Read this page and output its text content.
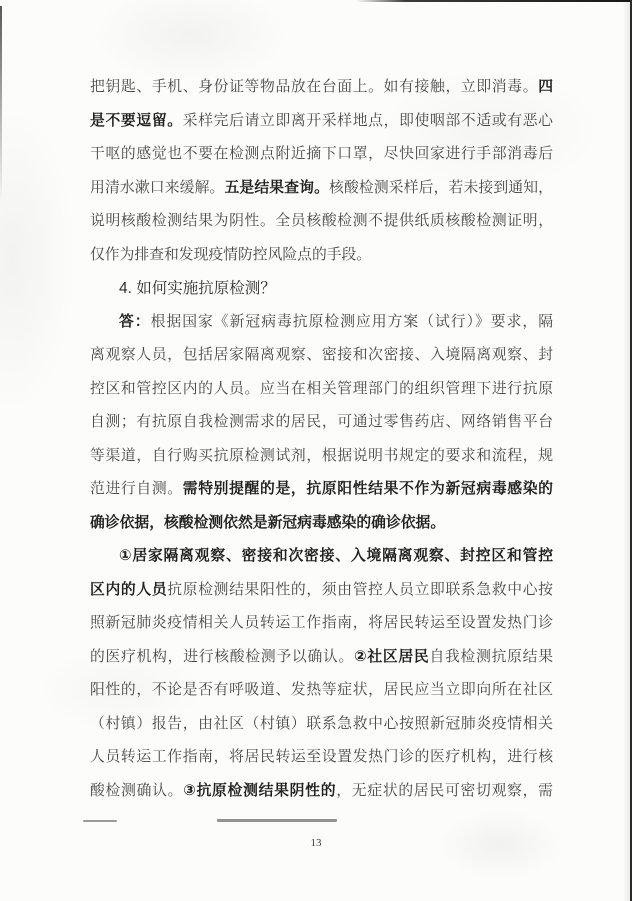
把钥匙、手机、身份证等物品放在台面上。如有接触，立即消毒。四
是不要逗留。采样完后请立即离开采样地点，即使咽部不适或有恶心
干呕的感觉也不要在检测点附近摘下口罩，尽快回家进行手部消毒后
用清水漱口来缓解。五是结果查询。核酸检测采样后，若未接到通知，
说明核酸检测结果为阴性。全员核酸检测不提供纸质核酸检测证明，
仅作为排查和发现疫情防控风险点的手段。
4. 如何实施抗原检测？
答：根据国家《新冠病毒抗原检测应用方案（试行）》要求，隔
离观察人员，包括居家隔离观察、密接和次密接、入境隔离观察、封
控区和管控区内的人员。应当在相关管理部门的组织管理下进行抗原
自测；有抗原自我检测需求的居民，可通过零售药店、网络销售平台
等渠道，自行购买抗原检测试剂，根据说明书规定的要求和流程，规
范进行自测。需特别提醒的是，抗原阳性结果不作为新冠病毒感染的
确诊依据，核酸检测依然是新冠病毒感染的确诊依据。
①居家隔离观察、密接和次密接、入境隔离观察、封控区和管控
区内的人员抗原检测结果阳性的，须由管控人员立即联系急救中心按
照新冠肺炎疫情相关人员转运工作指南，将居民转运至设置发热门诊
的医疗机构，进行核酸检测予以确认。②社区居民自我检测抗原结果
阳性的，不论是否有呼吸道、发热等症状，居民应当立即向所在社区
（村镇）报告，由社区（村镇）联系急救中心按照新冠肺炎疫情相关
人员转运工作指南，将居民转运至设置发热门诊的医疗机构，进行核
酸检测确认。③抗原检测结果阴性的，无症状的居民可密切观察，需
13
